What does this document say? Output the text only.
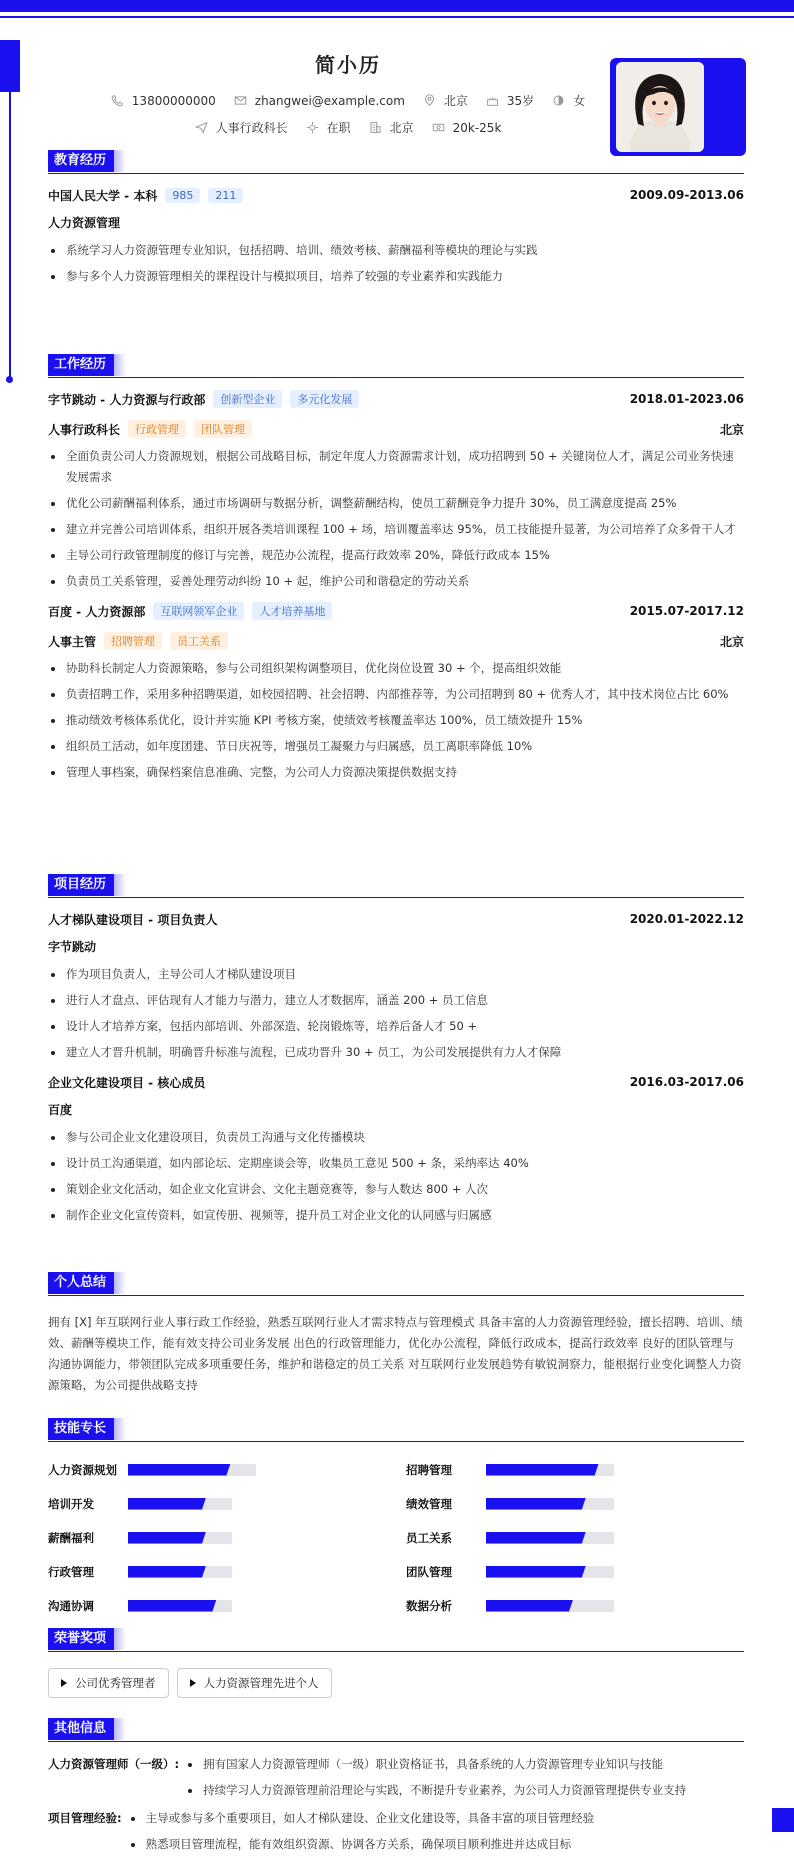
简小历
13800000000	zhangwei@example.com	北京	35岁	女
人事行政科长	在职	北京	20k-25k
教育经历
中国人民大学 - 本科	985	211	2009.09-2013.06
人力资源管理
系统学习人力资源管理专业知识，包括招聘、培训、绩效考核、薪酬福利等模块的理论与实践
参与多个人力资源管理相关的课程设计与模拟项目，培养了较强的专业素养和实践能力
工作经历
字节跳动 - 人力资源与行政部	创新型企业	多元化发展	2018.01-2023.06
人事行政科长	行政管理	团队管理	北京
全面负责公司人力资源规划，根据公司战略目标，制定年度人力资源需求计划，成功招聘到 50 + 关键岗位人才，满足公司业务快速发展需求
优化公司薪酬福利体系，通过市场调研与数据分析，调整薪酬结构，使员工薪酬竞争力提升 30%，员工满意度提高 25%
建立并完善公司培训体系，组织开展各类培训课程 100 + 场，培训覆盖率达 95%，员工技能提升显著，为公司培养了众多骨干人才
主导公司行政管理制度的修订与完善，规范办公流程，提高行政效率 20%，降低行政成本 15%
负责员工关系管理，妥善处理劳动纠纷 10 + 起，维护公司和谐稳定的劳动关系
百度 - 人力资源部	互联网领军企业	人才培养基地	2015.07-2017.12
人事主管	招聘管理	员工关系	北京
协助科长制定人力资源策略，参与公司组织架构调整项目，优化岗位设置 30 + 个，提高组织效能
负责招聘工作，采用多种招聘渠道，如校园招聘、社会招聘、内部推荐等，为公司招聘到 80 + 优秀人才，其中技术岗位占比 60%
推动绩效考核体系优化，设计并实施 KPI 考核方案，使绩效考核覆盖率达 100%，员工绩效提升 15%
组织员工活动，如年度团建、节日庆祝等，增强员工凝聚力与归属感，员工离职率降低 10%
管理人事档案，确保档案信息准确、完整，为公司人力资源决策提供数据支持
项目经历
人才梯队建设项目 - 项目负责人	2020.01-2022.12
字节跳动
作为项目负责人，主导公司人才梯队建设项目
进行人才盘点、评估现有人才能力与潜力，建立人才数据库，涵盖 200 + 员工信息
设计人才培养方案，包括内部培训、外部深造、轮岗锻炼等，培养后备人才 50 +
建立人才晋升机制，明确晋升标准与流程，已成功晋升 30 + 员工，为公司发展提供有力人才保障
企业文化建设项目 - 核心成员	2016.03-2017.06
百度
参与公司企业文化建设项目，负责员工沟通与文化传播模块
设计员工沟通渠道，如内部论坛、定期座谈会等，收集员工意见 500 + 条，采纳率达 40%
策划企业文化活动，如企业文化宣讲会、文化主题竞赛等，参与人数达 800 + 人次
制作企业文化宣传资料，如宣传册、视频等，提升员工对企业文化的认同感与归属感
个人总结

拥有 [X] 年互联网行业人事行政工作经验，熟悉互联网行业人才需求特点与管理模式 具备丰富的人力资源管理经验，擅长招聘、培训、绩效、薪酬等模块工作，能有效支持公司业务发展 出色的行政管理能力，优化办公流程，降低行政成本，提高行政效率 良好的团队管理与沟通协调能力，带领团队完成多项重要任务，维护和谐稳定的员工关系 对互联网行业发展趋势有敏锐洞察力，能根据行业变化调整人力资源策略，为公司提供战略支持

技能专长
人力资源规划	招聘管理
培训开发	绩效管理
薪酬福利	员工关系
行政管理	团队管理
沟通协调	数据分析
荣誉奖项
公司优秀管理者	人力资源管理先进个人
其他信息
人力资源管理师（一级）:	拥有国家人力资源管理师（一级）职业资格证书，具备系统的人力资源管理专业知识与技能
持续学习人力资源管理前沿理论与实践，不断提升专业素养，为公司人力资源管理提供专业支持
项目管理经验:	主导或参与多个重要项目，如人才梯队建设、企业文化建设等，具备丰富的项目管理经验
熟悉项目管理流程，能有效组织资源、协调各方关系，确保项目顺利推进并达成目标
